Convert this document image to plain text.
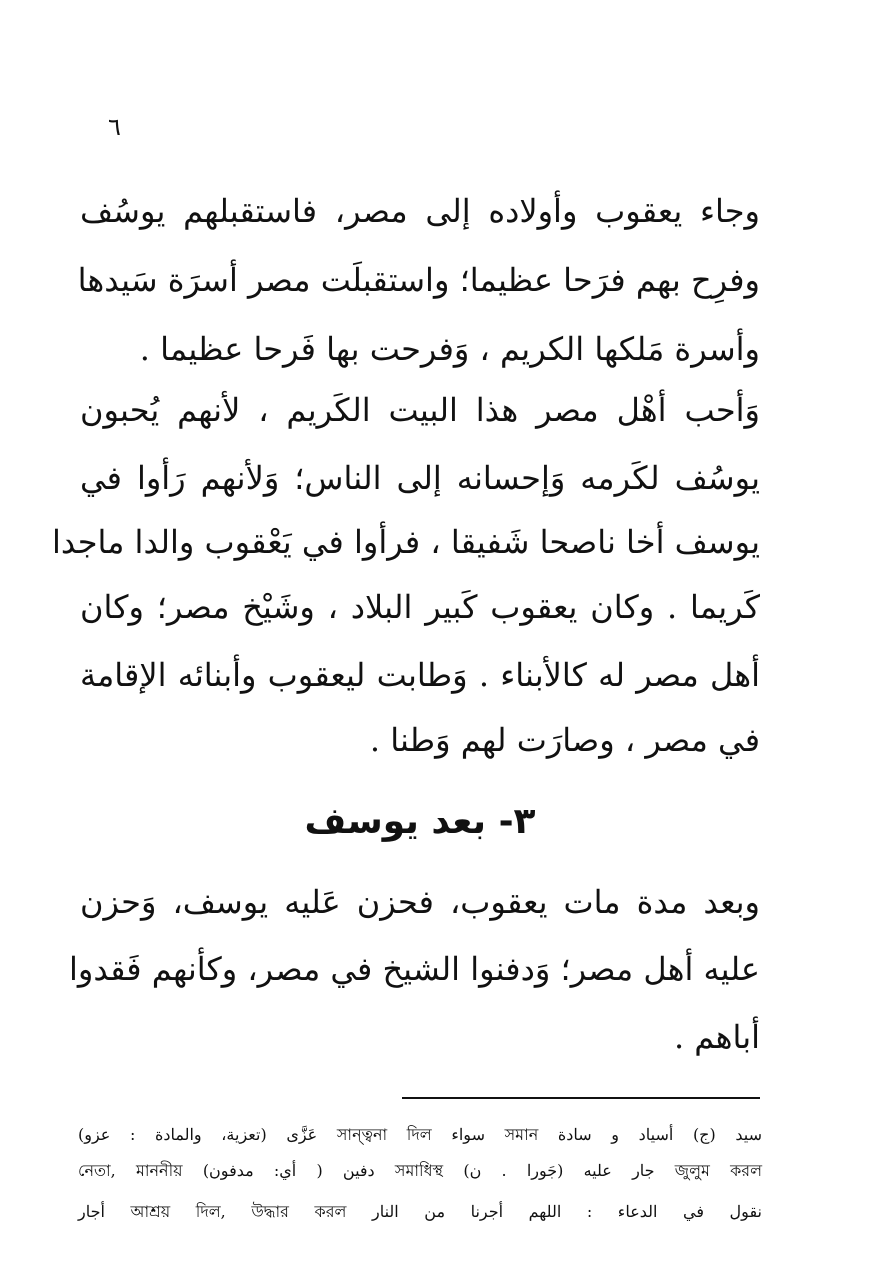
٦
وجاء يعقوب وأولاده إلى مصر، فاستقبلهم يوسُف
وفرِح بهم فرَحا عظيما؛ واستقبلَت مصر أسرَة سَيدها
وأسرة مَلكها الكريم ، وَفرحت بها فَرحا عظيما .
وَأحب أهْل مصر هذا البيت الكَريم ، لأنهم يُحبون
يوسُف لكَرمه وَإحسانه إلى الناس؛ وَلأنهم رَأوا في
يوسف أخا ناصحا شَفيقا ، فرأوا في يَعْقوب والدا ماجدا
كَريما . وكان يعقوب كَبير البلاد ، وشَيْخ مصر؛ وكان
أهل مصر له كالأبناء . وَطابت ليعقوب وأبنائه الإقامة
في مصر ، وصارَت لهم وَطنا .
٣- بعد يوسف
وبعد مدة مات يعقوب، فحزن عَليه يوسف، وَحزن
عليه أهل مصر؛ وَدفنوا الشيخ في مصر، وكأنهم فَقدوا
أباهم .
سيد (ج) أسياد و سادة সমান سواء সান্ত্বনা দিল عَزَّى (تعزية، والمادة : عزو)
জুলুম করল جار عليه (جَورا . ن) সমাধিস্থ دفين ( أي: مدفون) নেতা, মাননীয়
نقول في الدعاء : اللهم أجرنا من النار আশ্রয় দিল, উদ্ধার করল أجار
